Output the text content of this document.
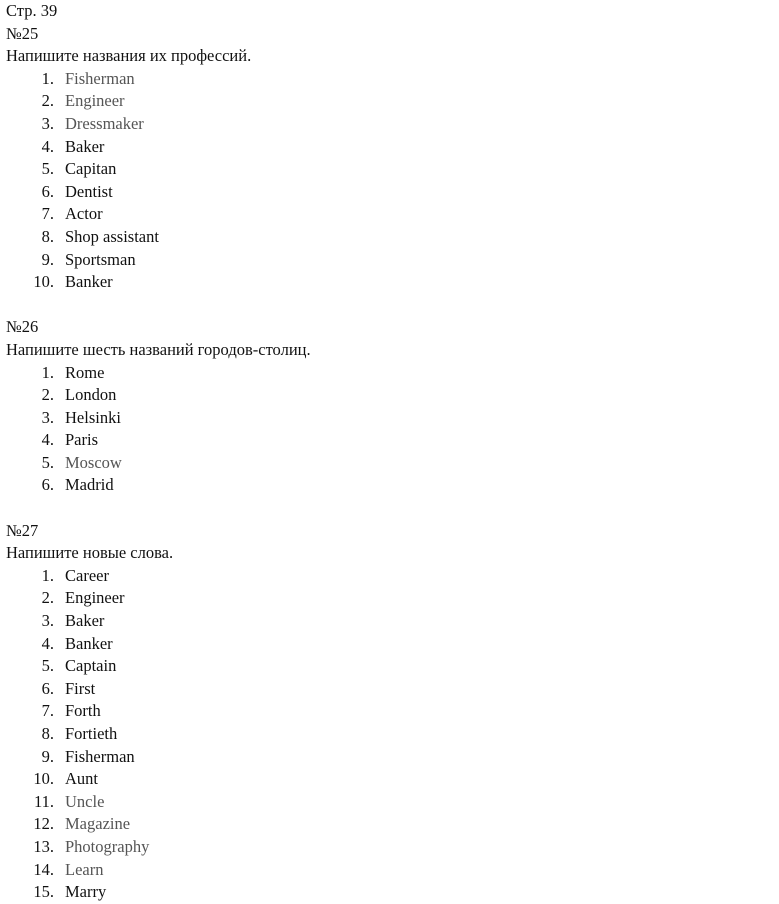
Стр. 39
№25
Напишите названия их профессий.
1. Fisherman
2. Engineer
3. Dressmaker
4. Baker
5. Capitan
6. Dentist
7. Actor
8. Shop assistant
9. Sportsman
10. Banker
№26
Напишите шесть названий городов-столиц.
1. Rome
2. London
3. Helsinki
4. Paris
5. Moscow
6. Madrid
№27
Напишите новые слова.
1. Career
2. Engineer
3. Baker
4. Banker
5. Captain
6. First
7. Forth
8. Fortieth
9. Fisherman
10. Aunt
11. Uncle
12. Magazine
13. Photography
14. Learn
15. Marry
